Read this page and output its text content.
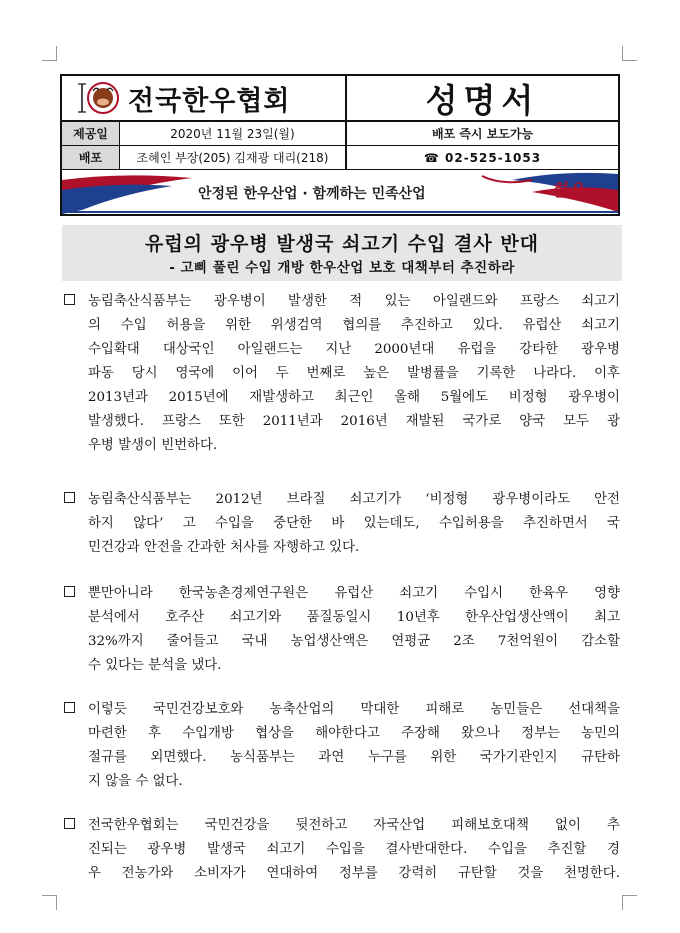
전국한우협회	성명서
제공일	2020년 11월 23일(월)	배포 즉시 보도가능
배포	조혜인 부장(205) 김재광 대리(218)	☎ 02-525-1053
안정된 한우산업 · 함께하는 민족산업	한우
유럽의 광우병 발생국 쇠고기 수입 결사 반대
- 고삐 풀린 수입 개방 한우산업 보호 대책부터 추진하라
농림축산식품부는 광우병이 발생한 적 있는 아일랜드와 프랑스 쇠고기
의 수입 허용을 위한 위생검역 협의를 추진하고 있다. 유럽산 쇠고기
수입확대 대상국인 아일랜드는 지난 2000년대 유럽을 강타한 광우병
파동 당시 영국에 이어 두 번째로 높은 발병률을 기록한 나라다. 이후
2013년과 2015년에 재발생하고 최근인 올해 5월에도 비정형 광우병이
발생했다. 프랑스 또한 2011년과 2016년 재발된 국가로 양국 모두 광
우병 발생이 빈번하다.
농림축산식품부는 2012년 브라질 쇠고기가 ‘비정형 광우병이라도 안전
하지 않다’ 고 수입을 중단한 바 있는데도, 수입허용을 추진하면서 국
민건강과 안전을 간과한 처사를 자행하고 있다.
뿐만아니라 한국농촌경제연구원은 유럽산 쇠고기 수입시 한육우 영향
분석에서 호주산 쇠고기와 품질동일시 10년후 한우산업생산액이 최고
32%까지 줄어들고 국내 농업생산액은 연평균 2조 7천억원이 감소할
수 있다는 분석을 냈다.
이렇듯 국민건강보호와 농축산업의 막대한 피해로 농민들은 선대책을
마련한 후 수입개방 협상을 해야한다고 주장해 왔으나 정부는 농민의
절규를 외면했다. 농식품부는 과연 누구를 위한 국가기관인지 규탄하
지 않을 수 없다.
전국한우협회는 국민건강을 뒷전하고 자국산업 피해보호대책 없이 추
진되는 광우병 발생국 쇠고기 수입을 결사반대한다. 수입을 추진할 경
우 전농가와 소비자가 연대하여 정부를 강력히 규탄할 것을 천명한다.
